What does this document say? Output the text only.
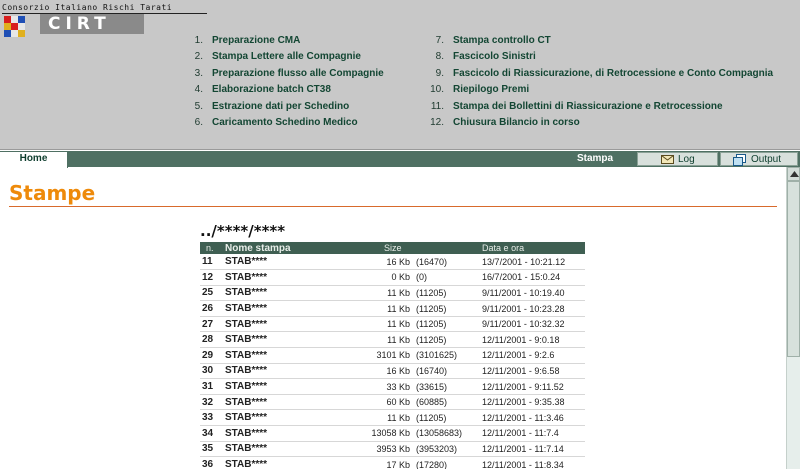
Consorzio Italiano Rischi Tarati
CIRT
1. Preparazione CMA
2. Stampa Lettere alle Compagnie
3. Preparazione flusso alle Compagnie
4. Elaborazione batch CT38
5. Estrazione dati per Schedino
6. Caricamento Schedino Medico
7. Stampa controllo CT
8. Fascicolo Sinistri
9. Fascicolo di Riassicurazione, di Retrocessione e Conto Compagnia
10. Riepilogo Premi
11. Stampa dei Bollettini di Riassicurazione e Retrocessione
12. Chiusura Bilancio in corso
Home	Stampa Bollettini
Log	Output
Stampe
../****/****
n.	Nome stampa	Size		Data e ora
11	STAB****	16 Kb	(16470)	13/7/2001 - 10:21.12
12	STAB****	0 Kb	(0)	16/7/2001 - 15:0.24
25	STAB****	11 Kb	(11205)	9/11/2001 - 10:19.40
26	STAB****	11 Kb	(11205)	9/11/2001 - 10:23.28
27	STAB****	11 Kb	(11205)	9/11/2001 - 10:32.32
28	STAB****	11 Kb	(11205)	12/11/2001 - 9:0.18
29	STAB****	3101 Kb	(3101625)	12/11/2001 - 9:2.6
30	STAB****	16 Kb	(16740)	12/11/2001 - 9:6.58
31	STAB****	33 Kb	(33615)	12/11/2001 - 9:11.52
32	STAB****	60 Kb	(60885)	12/11/2001 - 9:35.38
33	STAB****	11 Kb	(11205)	12/11/2001 - 11:3.46
34	STAB****	13058 Kb	(13058683)	12/11/2001 - 11:7.4
35	STAB****	3953 Kb	(3953203)	12/11/2001 - 11:7.14
36	STAB****	17 Kb	(17280)	12/11/2001 - 11:8.34
